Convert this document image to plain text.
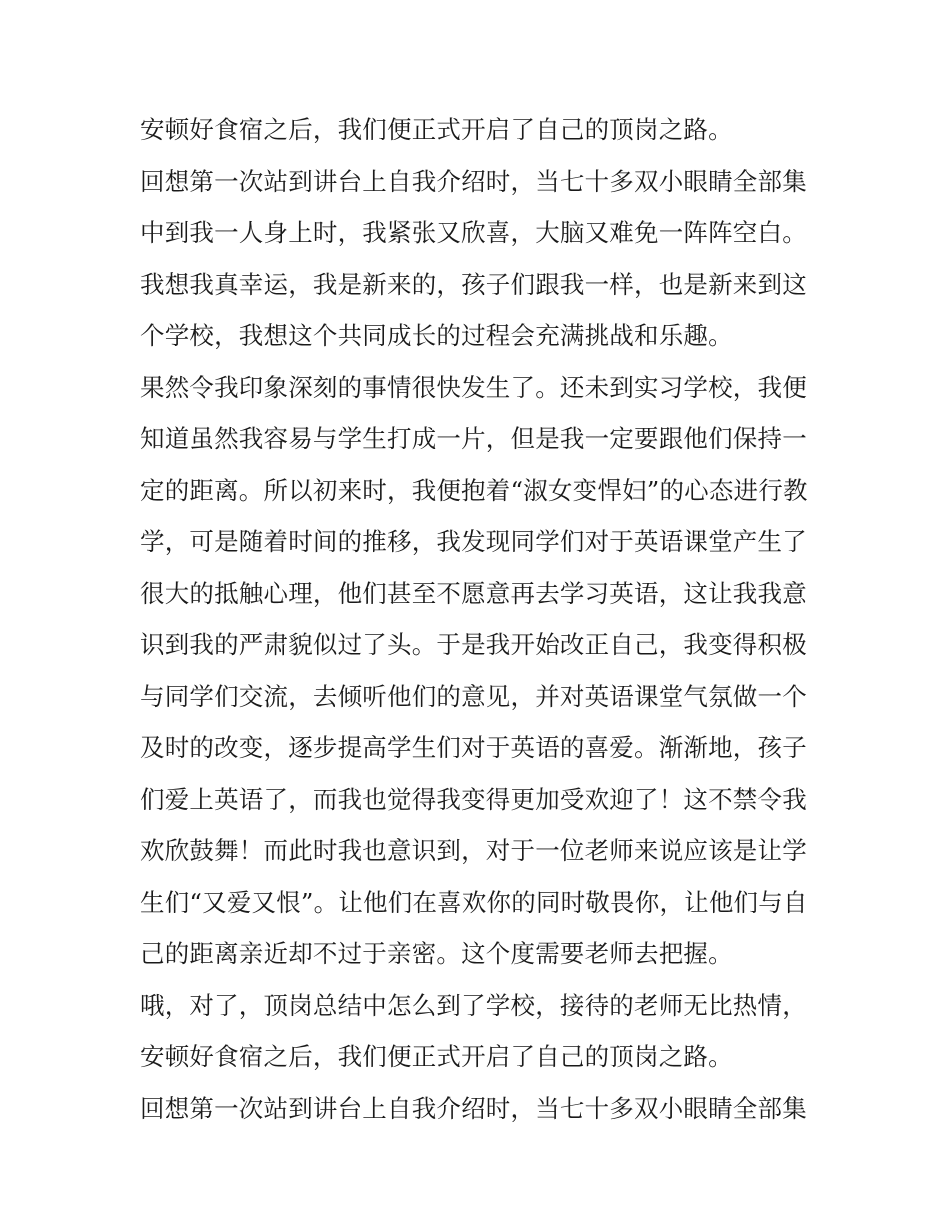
安顿好食宿之后，我们便正式开启了自己的顶岗之路。
回想第一次站到讲台上自我介绍时，当七十多双小眼睛全部集
中到我一人身上时，我紧张又欣喜，大脑又难免一阵阵空白。
我想我真幸运，我是新来的，孩子们跟我一样，也是新来到这
个学校，我想这个共同成长的过程会充满挑战和乐趣。
果然令我印象深刻的事情很快发生了。还未到实习学校，我便
知道虽然我容易与学生打成一片，但是我一定要跟他们保持一
定的距离。所以初来时，我便抱着“淑女变悍妇”的心态进行教
学，可是随着时间的推移，我发现同学们对于英语课堂产生了
很大的抵触心理，他们甚至不愿意再去学习英语，这让我我意
识到我的严肃貌似过了头。于是我开始改正自己，我变得积极
与同学们交流，去倾听他们的意见，并对英语课堂气氛做一个
及时的改变，逐步提高学生们对于英语的喜爱。渐渐地，孩子
们爱上英语了，而我也觉得我变得更加受欢迎了！这不禁令我
欢欣鼓舞！而此时我也意识到，对于一位老师来说应该是让学
生们“又爱又恨”。让他们在喜欢你的同时敬畏你，让他们与自
己的距离亲近却不过于亲密。这个度需要老师去把握。
哦，对了，顶岗总结中怎么到了学校，接待的老师无比热情，
安顿好食宿之后，我们便正式开启了自己的顶岗之路。
回想第一次站到讲台上自我介绍时，当七十多双小眼睛全部集
